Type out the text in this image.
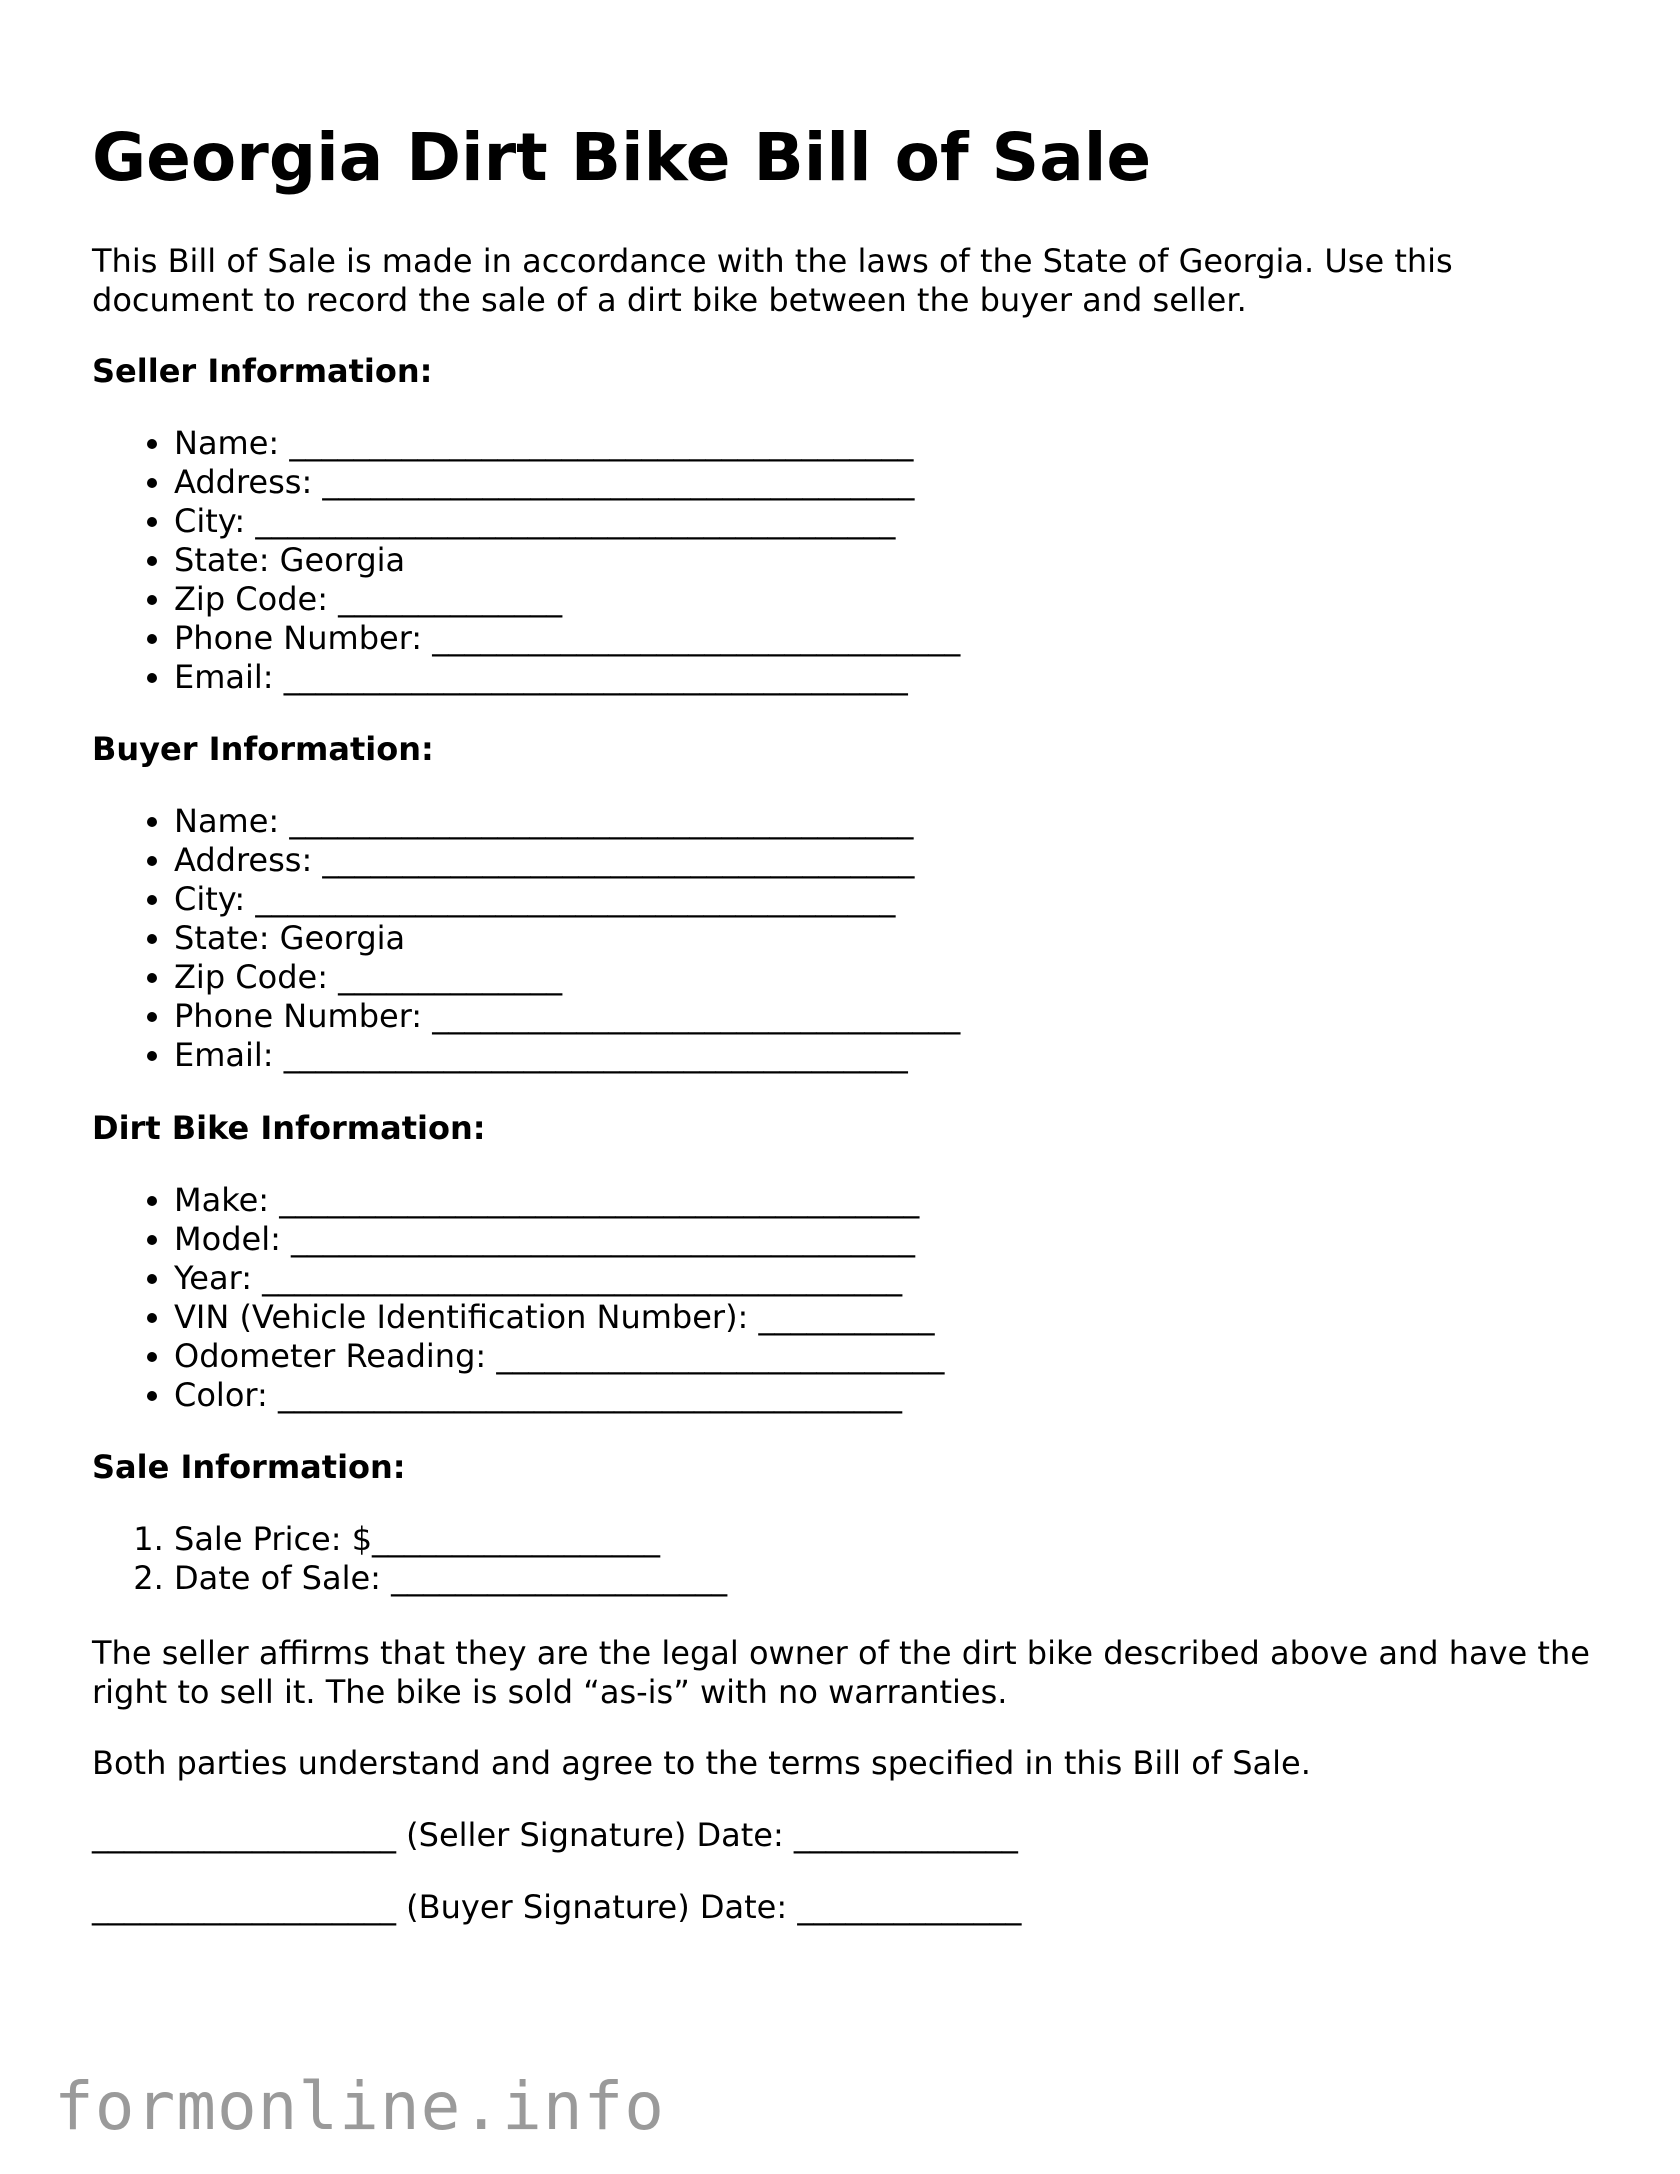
Georgia Dirt Bike Bill of Sale

This Bill of Sale is made in accordance with the laws of the State of Georgia. Use this document to record the sale of a dirt bike between the buyer and seller.

Seller Information:

• Name: _______________________________________
• Address: _____________________________________
• City: ________________________________________
• State: Georgia
• Zip Code: ______________
• Phone Number: _________________________________
• Email: _______________________________________

Buyer Information:

• Name: _______________________________________
• Address: _____________________________________
• City: ________________________________________
• State: Georgia
• Zip Code: ______________
• Phone Number: _________________________________
• Email: _______________________________________

Dirt Bike Information:

• Make: ________________________________________
• Model: _______________________________________
• Year: ________________________________________
• VIN (Vehicle Identification Number): ___________
• Odometer Reading: ____________________________
• Color: _______________________________________

Sale Information:

1. Sale Price: $__________________
2. Date of Sale: _____________________

The seller affirms that they are the legal owner of the dirt bike described above and have the right to sell it. The bike is sold “as-is” with no warranties.

Both parties understand and agree to the terms specified in this Bill of Sale.

___________________ (Seller Signature) Date: ______________

___________________ (Buyer Signature) Date: ______________

formonline.info
